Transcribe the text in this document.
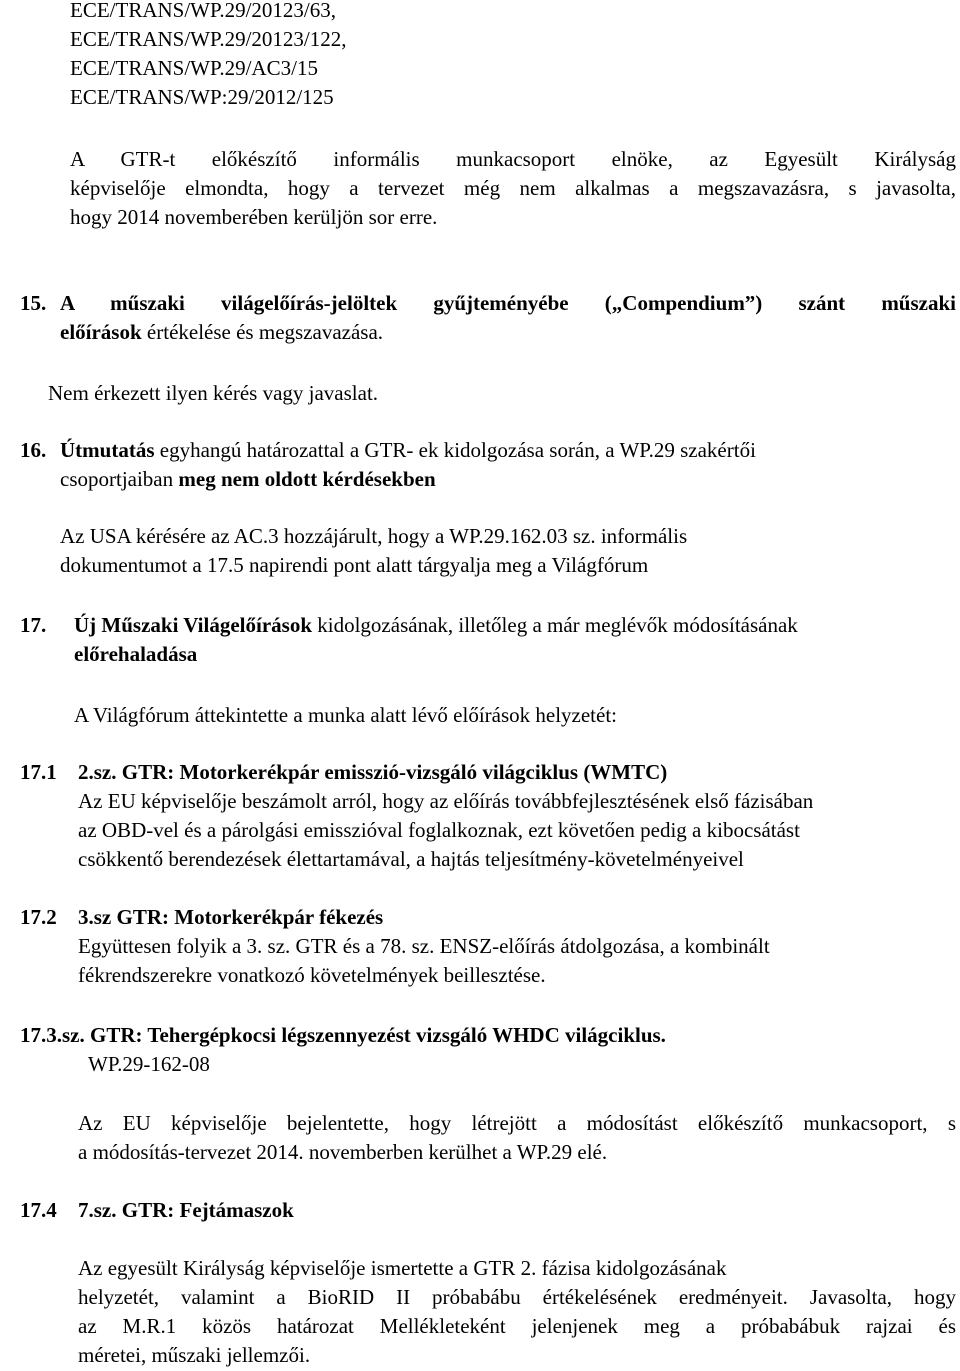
ECE/TRANS/WP.29/20123/63,
ECE/TRANS/WP.29/20123/122,
ECE/TRANS/WP.29/AC3/15
ECE/TRANS/WP:29/2012/125
A GTR-t előkészítő informális munkacsoport elnöke, az Egyesült Királyság
képviselője elmondta, hogy a tervezet még nem alkalmas a megszavazásra, s javasolta,
hogy 2014 novemberében kerüljön sor erre.
15. A műszaki világelőírás-jelöltek gyűjteményébe („Compendium”) szánt műszaki
előírások értékelése és megszavazása.
Nem érkezett ilyen kérés vagy javaslat.
16. Útmutatás egyhangú határozattal a GTR- ek kidolgozása során, a WP.29 szakértői
csoportjaiban meg nem oldott kérdésekben
Az USA kérésére az AC.3 hozzájárult, hogy a WP.29.162.03 sz. informális
dokumentumot a 17.5 napirendi pont alatt tárgyalja meg a Világfórum
17. Új Műszaki Világelőírások kidolgozásának, illetőleg a már meglévők módosításának
előrehaladása
A Világfórum áttekintette a munka alatt lévő előírások helyzetét:
17.1 2.sz. GTR: Motorkerékpár emisszió-vizsgáló világciklus (WMTC)
Az EU képviselője beszámolt arról, hogy az előírás továbbfejlesztésének első fázisában
az OBD-vel és a párolgási emisszióval foglalkoznak, ezt követően pedig a kibocsátást
csökkentő berendezések élettartamával, a hajtás teljesítmény-követelményeivel
17.2 3.sz GTR: Motorkerékpár fékezés
Együttesen folyik a 3. sz. GTR és a 78. sz. ENSZ-előírás átdolgozása, a kombinált
fékrendszerekre vonatkozó követelmények beillesztése.
17.3.sz. GTR: Tehergépkocsi légszennyezést vizsgáló WHDC világciklus.
WP.29-162-08
Az EU képviselője bejelentette, hogy létrejött a módosítást előkészítő munkacsoport, s
a módosítás-tervezet 2014. novemberben kerülhet a WP.29 elé.
17.4 7.sz. GTR: Fejtámaszok
Az egyesült Királyság képviselője ismertette a GTR 2. fázisa kidolgozásának
helyzetét, valamint a BioRID II próbabábu értékelésének eredményeit. Javasolta, hogy
az M.R.1 közös határozat Mellékleteként jelenjenek meg a próbabábuk rajzai és
méretei, műszaki jellemzői.
